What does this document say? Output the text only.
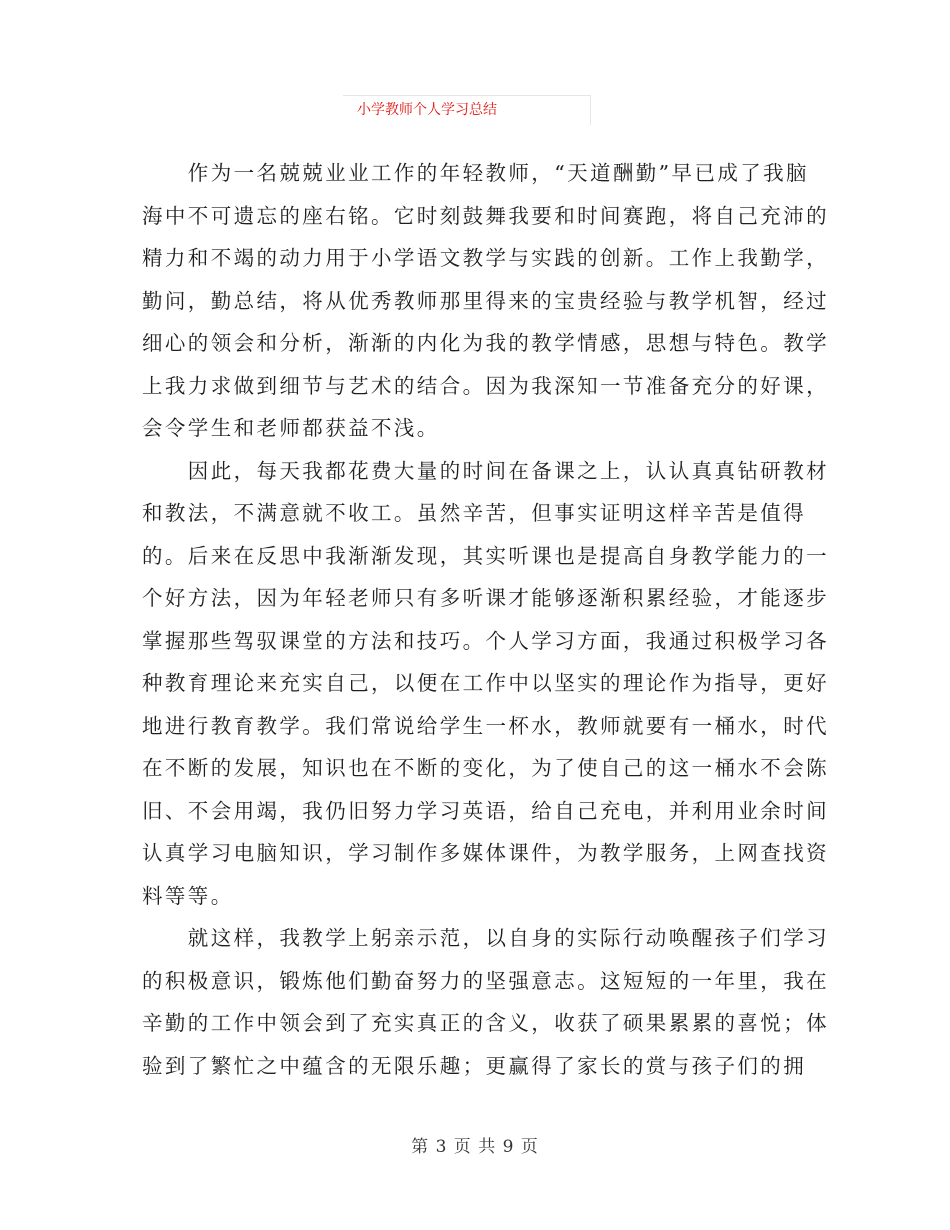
小学教师个人学习总结

　　作为一名兢兢业业工作的年轻教师，“天道酬勤”早已成了我脑
海中不可遗忘的座右铭。它时刻鼓舞我要和时间赛跑，将自己充沛的
精力和不竭的动力用于小学语文教学与实践的创新。工作上我勤学，
勤问，勤总结，将从优秀教师那里得来的宝贵经验与教学机智，经过
细心的领会和分析，渐渐的内化为我的教学情感，思想与特色。教学
上我力求做到细节与艺术的结合。因为我深知一节准备充分的好课，
会令学生和老师都获益不浅。

　　因此，每天我都花费大量的时间在备课之上，认认真真钻研教材
和教法，不满意就不收工。虽然辛苦，但事实证明这样辛苦是值得
的。后来在反思中我渐渐发现，其实听课也是提高自身教学能力的一
个好方法，因为年轻老师只有多听课才能够逐渐积累经验，才能逐步
掌握那些驾驭课堂的方法和技巧。个人学习方面，我通过积极学习各
种教育理论来充实自己，以便在工作中以坚实的理论作为指导，更好
地进行教育教学。我们常说给学生一杯水，教师就要有一桶水，时代
在不断的发展，知识也在不断的变化，为了使自己的这一桶水不会陈
旧、不会用竭，我仍旧努力学习英语，给自己充电，并利用业余时间
认真学习电脑知识，学习制作多媒体课件，为教学服务，上网查找资
料等等。

　　就这样，我教学上躬亲示范，以自身的实际行动唤醒孩子们学习
的积极意识，锻炼他们勤奋努力的坚强意志。这短短的一年里，我在
辛勤的工作中领会到了充实真正的含义，收获了硕果累累的喜悦；体
验到了繁忙之中蕴含的无限乐趣；更赢得了家长的赏与孩子们的拥

第 3 页 共 9 页
